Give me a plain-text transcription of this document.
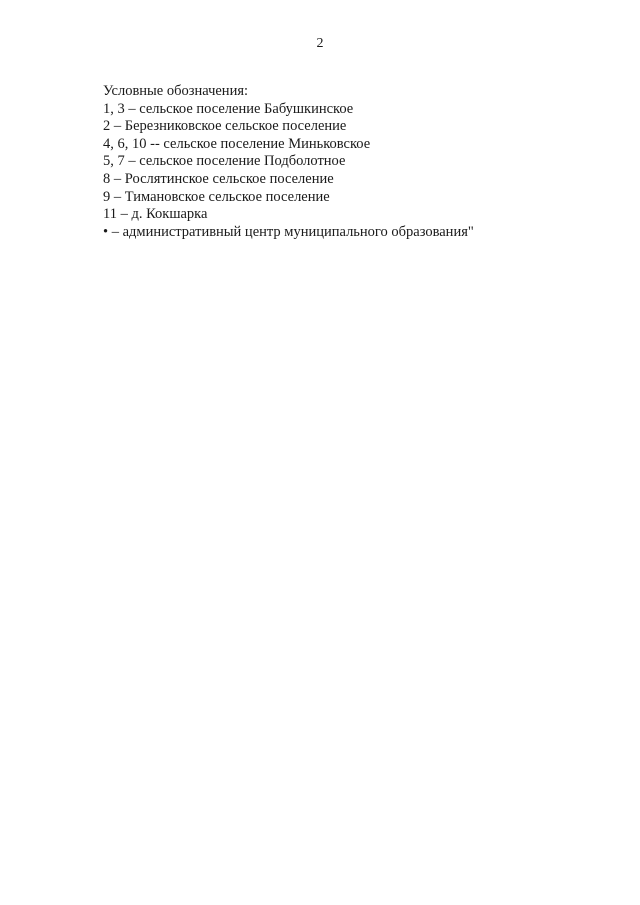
2
Условные обозначения:
1, 3 – сельское поселение Бабушкинское
2 – Березниковское сельское поселение
4, 6, 10 -- сельское поселение Миньковское
5, 7 – сельское поселение Подболотное
8 – Рослятинское сельское поселение
9 – Тимановское сельское поселение
11 – д. Кокшарка
• – административный центр муниципального образования"
